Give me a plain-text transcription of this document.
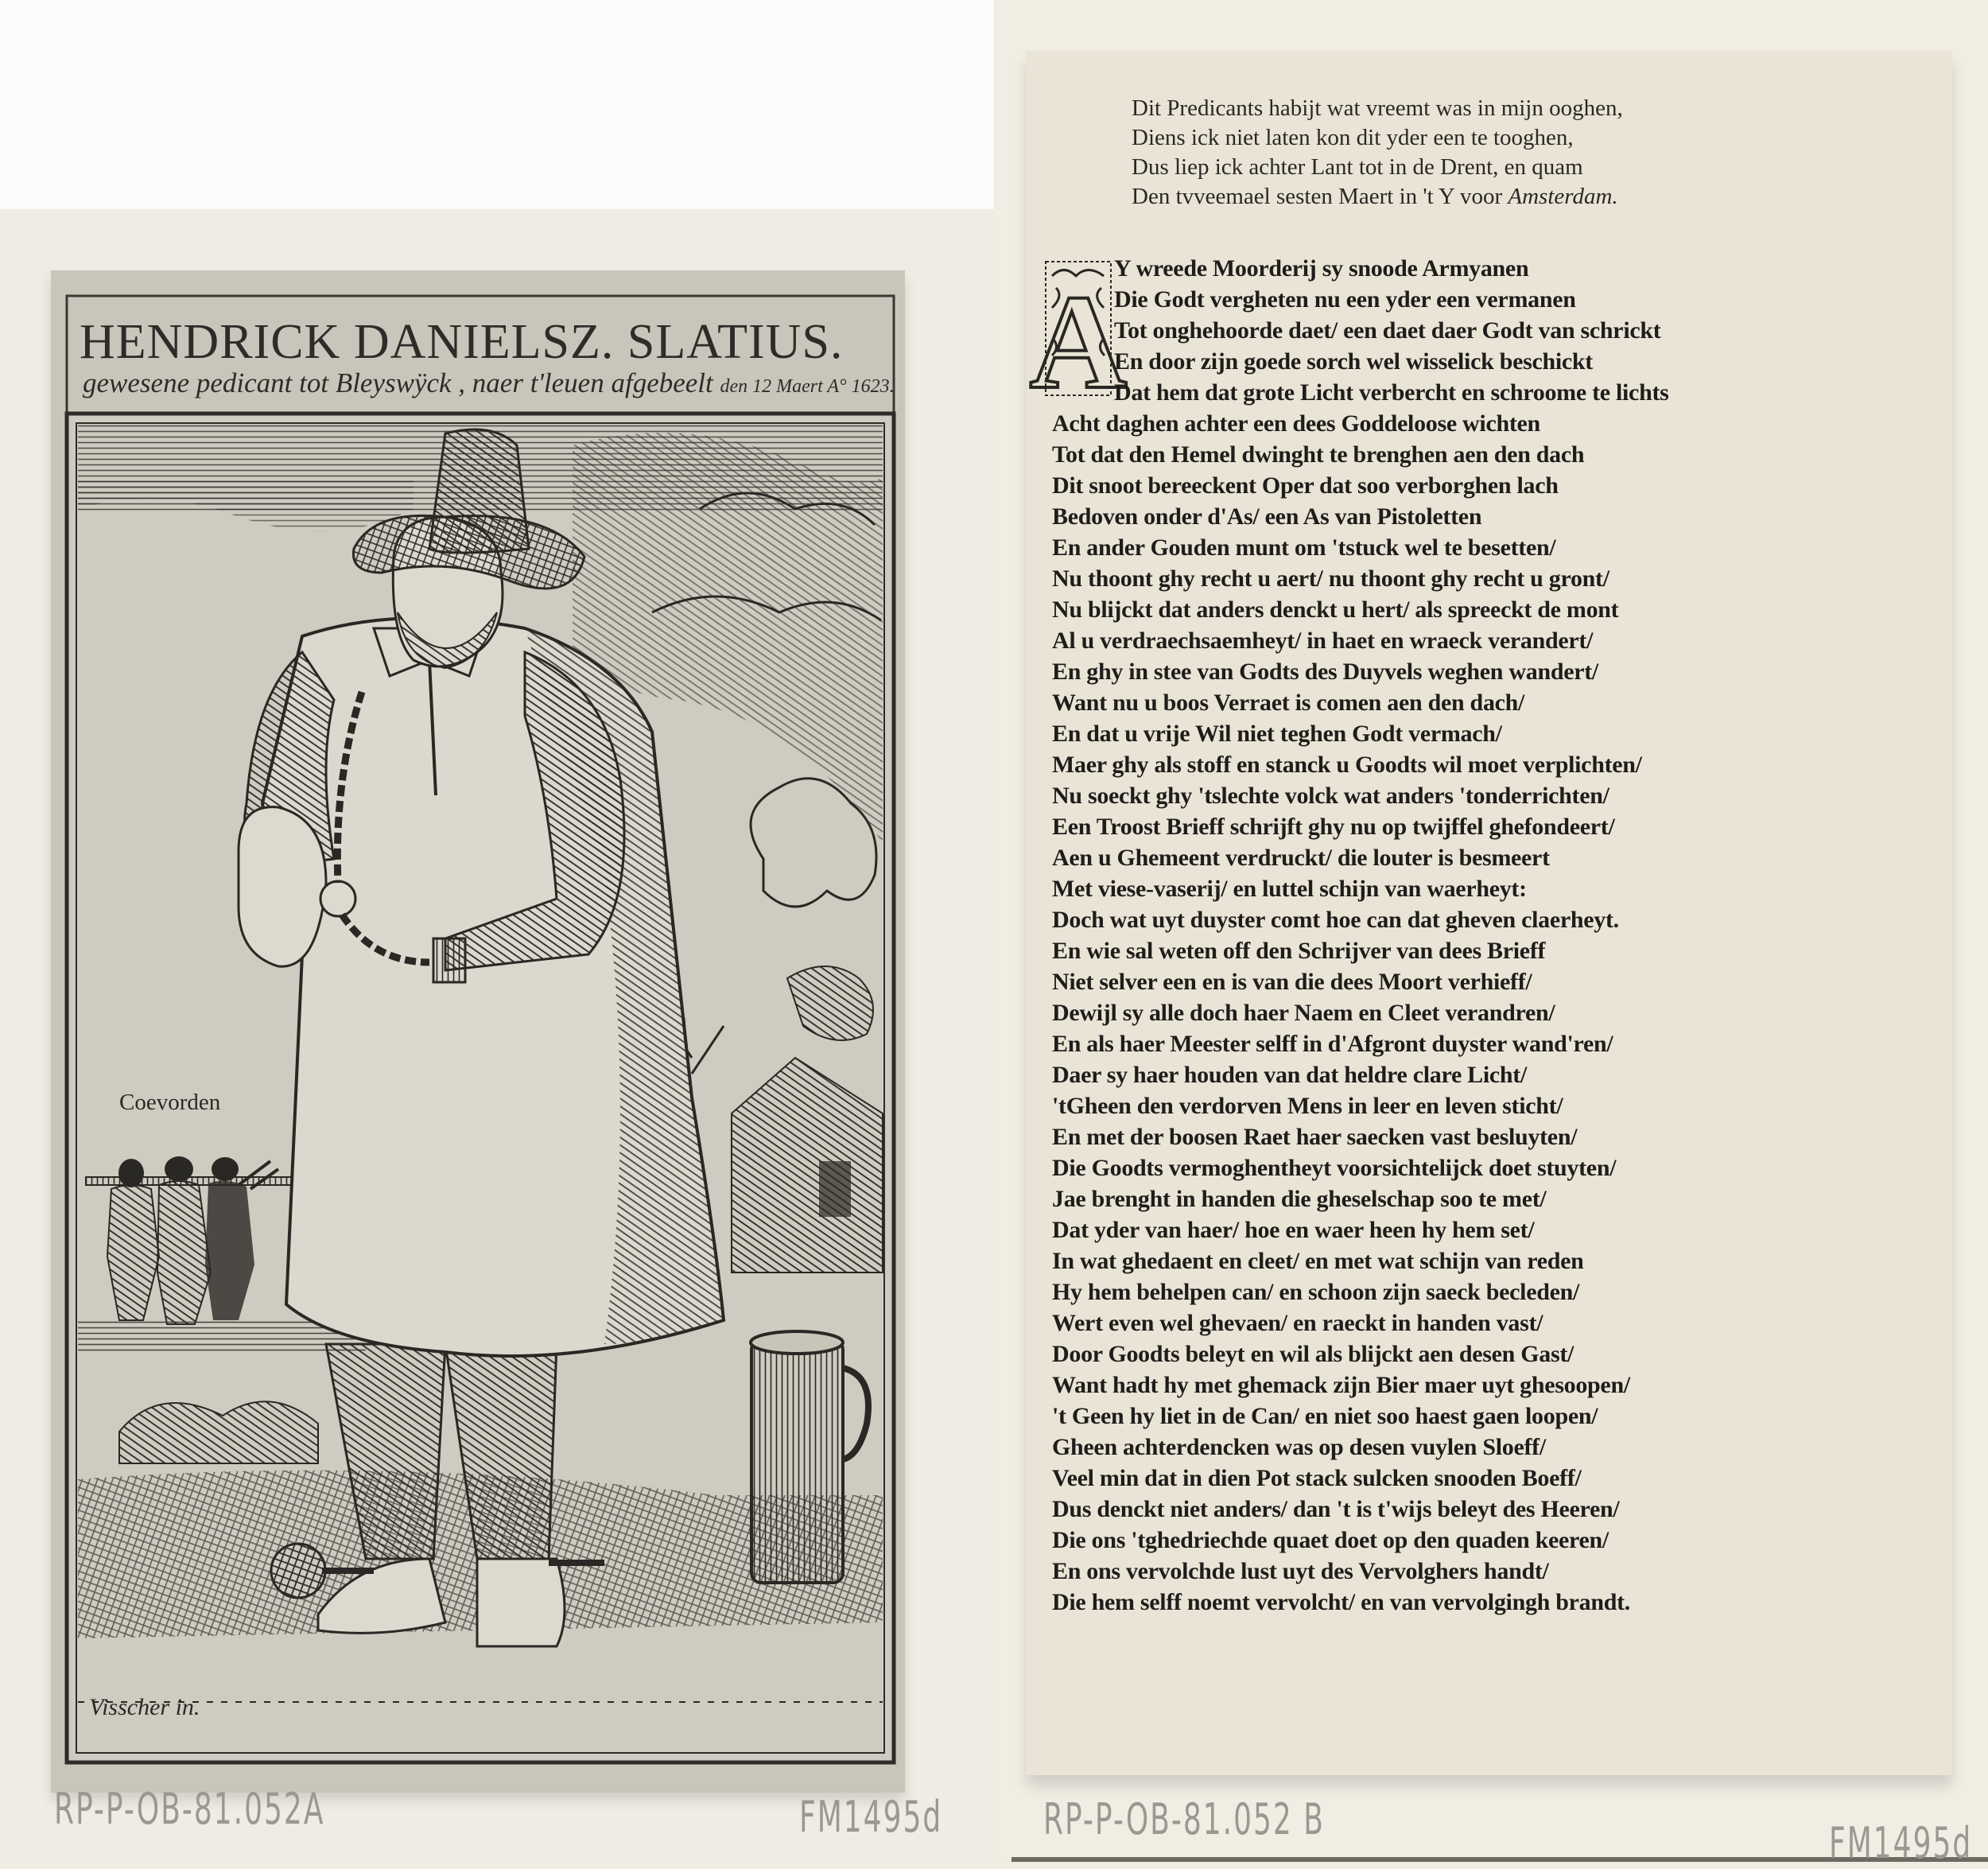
HENDRICK DANIELSZ. SLATIUS.
gewesene pedicant tot Bleyswÿck , naer t'leuen afgebeelt den 12 Maert A° 1623.
Coevorden
Visscher in.
RP-P-OB-81.052A	FM1495d
Dit Predicants habijt wat vreemt was in mijn ooghen,
Diens ick niet laten kon dit yder een te tooghen,
Dus liep ick achter Lant tot in de Drent, en quam
Den tvveemael sesten Maert in 't Y voor Amsterdam.
A
Y wreede Moorderij sy snoode Armyanen
Die Godt vergheten nu een yder een vermanen
Tot onghehoorde daet/ een daet daer Godt van schrickt
En door zijn goede sorch wel wisselick beschickt
Dat hem dat grote Licht verbercht en schroome te lichts
Acht daghen achter een dees Goddeloose wichten
Tot dat den Hemel dwinght te brenghen aen den dach
Dit snoot bereeckent Oper dat soo verborghen lach
Bedoven onder d'As/ een As van Pistoletten
En ander Gouden munt om 'tstuck wel te besetten/
Nu thoont ghy recht u aert/ nu thoont ghy recht u gront/
Nu blijckt dat anders denckt u hert/ als spreeckt de mont
Al u verdraechsaemheyt/ in haet en wraeck verandert/
En ghy in stee van Godts des Duyvels weghen wandert/
Want nu u boos Verraet is comen aen den dach/
En dat u vrije Wil niet teghen Godt vermach/
Maer ghy als stoff en stanck u Goodts wil moet verplichten/
Nu soeckt ghy 'tslechte volck wat anders 'tonderrichten/
Een Troost Brieff schrijft ghy nu op twijffel ghefondeert/
Aen u Ghemeent verdruckt/ die louter is besmeert
Met viese-vaserij/ en luttel schijn van waerheyt:
Doch wat uyt duyster comt hoe can dat gheven claerheyt.
En wie sal weten off den Schrijver van dees Brieff
Niet selver een en is van die dees Moort verhieff/
Dewijl sy alle doch haer Naem en Cleet verandren/
En als haer Meester selff in d'Afgront duyster wand'ren/
Daer sy haer houden van dat heldre clare Licht/
'tGheen den verdorven Mens in leer en leven sticht/
En met der boosen Raet haer saecken vast besluyten/
Die Goodts vermoghentheyt voorsichtelijck doet stuyten/
Jae brenght in handen die gheselschap soo te met/
Dat yder van haer/ hoe en waer heen hy hem set/
In wat ghedaent en cleet/ en met wat schijn van reden
Hy hem behelpen can/ en schoon zijn saeck becleden/
Wert even wel ghevaen/ en raeckt in handen vast/
Door Goodts beleyt en wil als blijckt aen desen Gast/
Want hadt hy met ghemack zijn Bier maer uyt ghesoopen/
't Geen hy liet in de Can/ en niet soo haest gaen loopen/
Gheen achterdencken was op desen vuylen Sloeff/
Veel min dat in dien Pot stack sulcken snooden Boeff/
Dus denckt niet anders/ dan 't is t'wijs beleyt des Heeren/
Die ons 'tghedriechde quaet doet op den quaden keeren/
En ons vervolchde lust uyt des Vervolghers handt/
Die hem selff noemt vervolcht/ en van vervolgingh brandt.
RP-P-OB-81.052 B	FM1495d
